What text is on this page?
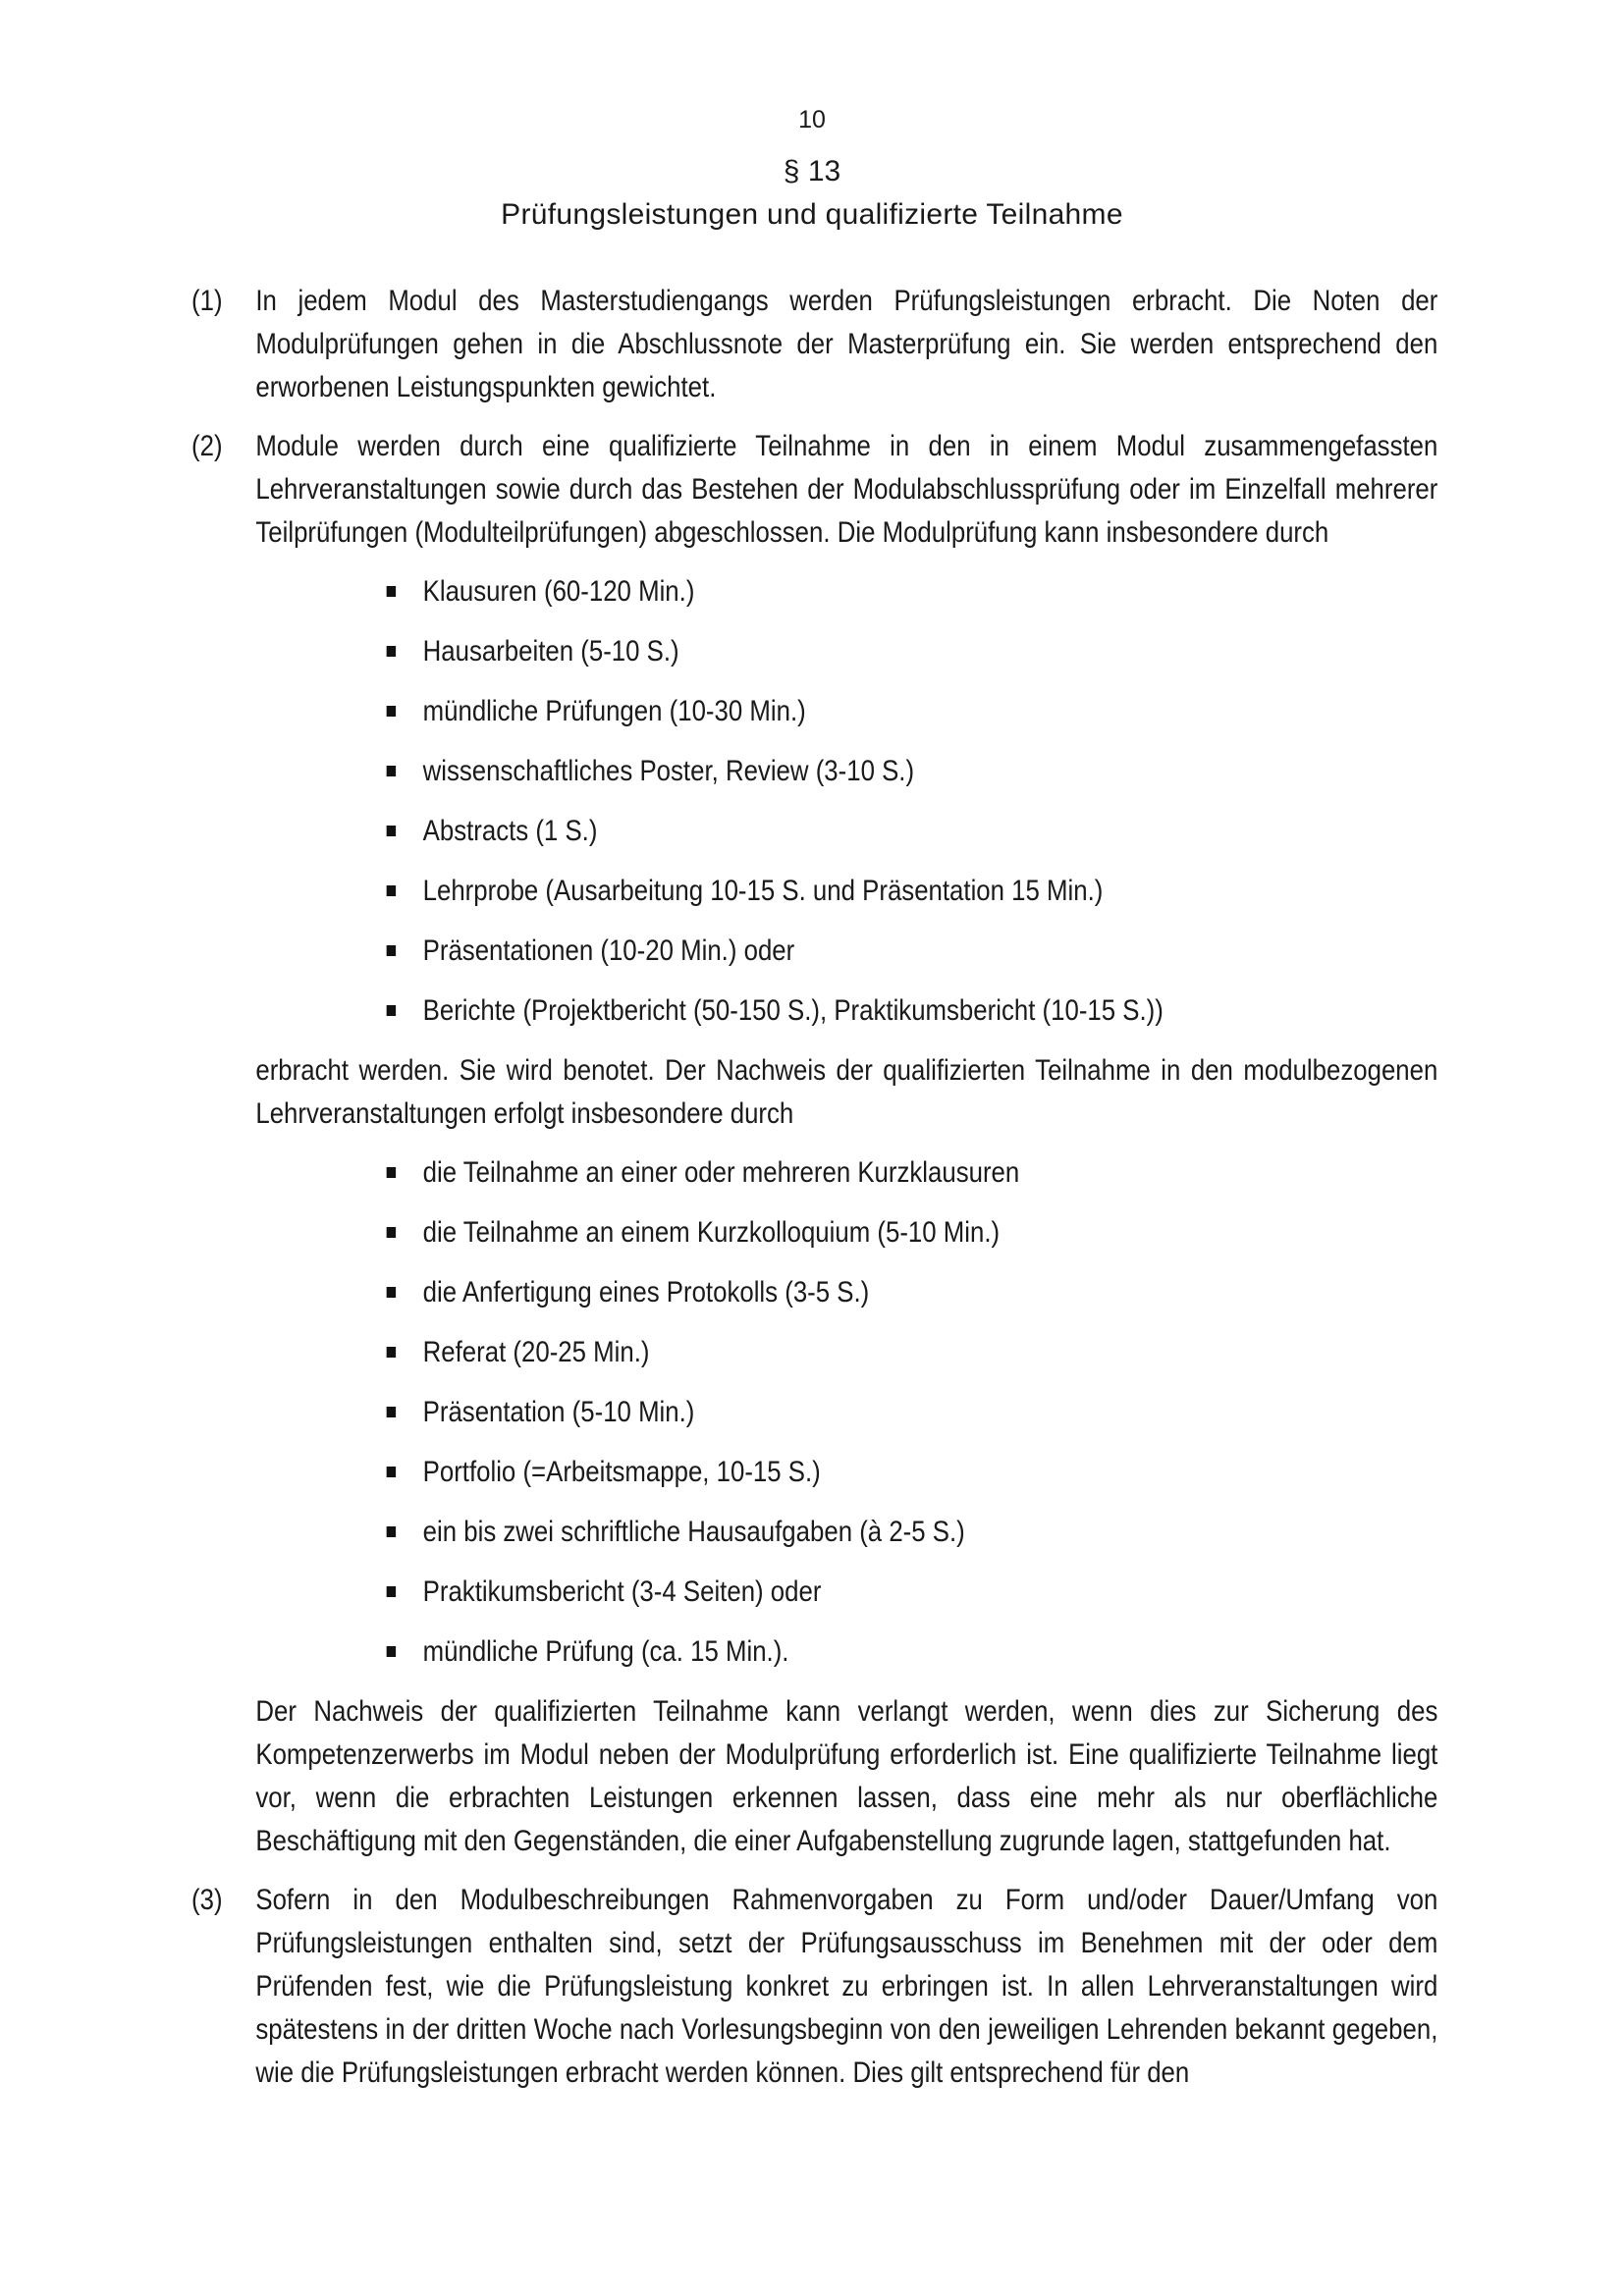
10
§ 13
Prüfungsleistungen und qualifizierte Teilnahme
(1) In jedem Modul des Masterstudiengangs werden Prüfungsleistungen erbracht. Die Noten der Modulprüfungen gehen in die Abschlussnote der Masterprüfung ein. Sie werden entsprechend den erworbenen Leistungspunkten gewichtet.
(2) Module werden durch eine qualifizierte Teilnahme in den in einem Modul zusammengefassten Lehrveranstaltungen sowie durch das Bestehen der Modulabschlussprüfung oder im Einzelfall mehrerer Teilprüfungen (Modulteilprüfungen) abgeschlossen. Die Modulprüfung kann insbesondere durch
Klausuren (60-120 Min.)
Hausarbeiten (5-10 S.)
mündliche Prüfungen (10-30 Min.)
wissenschaftliches Poster, Review (3-10 S.)
Abstracts (1 S.)
Lehrprobe (Ausarbeitung 10-15 S. und Präsentation 15 Min.)
Präsentationen (10-20 Min.) oder
Berichte (Projektbericht (50-150 S.), Praktikumsbericht (10-15 S.))
erbracht werden. Sie wird benotet. Der Nachweis der qualifizierten Teilnahme in den modulbezogenen Lehrveranstaltungen erfolgt insbesondere durch
die Teilnahme an einer oder mehreren Kurzklausuren
die Teilnahme an einem Kurzkolloquium (5-10 Min.)
die Anfertigung eines Protokolls (3-5 S.)
Referat (20-25 Min.)
Präsentation (5-10 Min.)
Portfolio (=Arbeitsmappe, 10-15 S.)
ein bis zwei schriftliche Hausaufgaben (à 2-5 S.)
Praktikumsbericht (3-4 Seiten) oder
mündliche Prüfung (ca. 15 Min.).
Der Nachweis der qualifizierten Teilnahme kann verlangt werden, wenn dies zur Sicherung des Kompetenzerwerbs im Modul neben der Modulprüfung erforderlich ist. Eine qualifizierte Teilnahme liegt vor, wenn die erbrachten Leistungen erkennen lassen, dass eine mehr als nur oberflächliche Beschäftigung mit den Gegenständen, die einer Aufgabenstellung zugrunde lagen, stattgefunden hat.
(3) Sofern in den Modulbeschreibungen Rahmenvorgaben zu Form und/oder Dauer/Umfang von Prüfungsleistungen enthalten sind, setzt der Prüfungsausschuss im Benehmen mit der oder dem Prüfenden fest, wie die Prüfungsleistung konkret zu erbringen ist. In allen Lehrveranstaltungen wird spätestens in der dritten Woche nach Vorlesungsbeginn von den jeweiligen Lehrenden bekannt gegeben, wie die Prüfungsleistungen erbracht werden können. Dies gilt entsprechend für den
